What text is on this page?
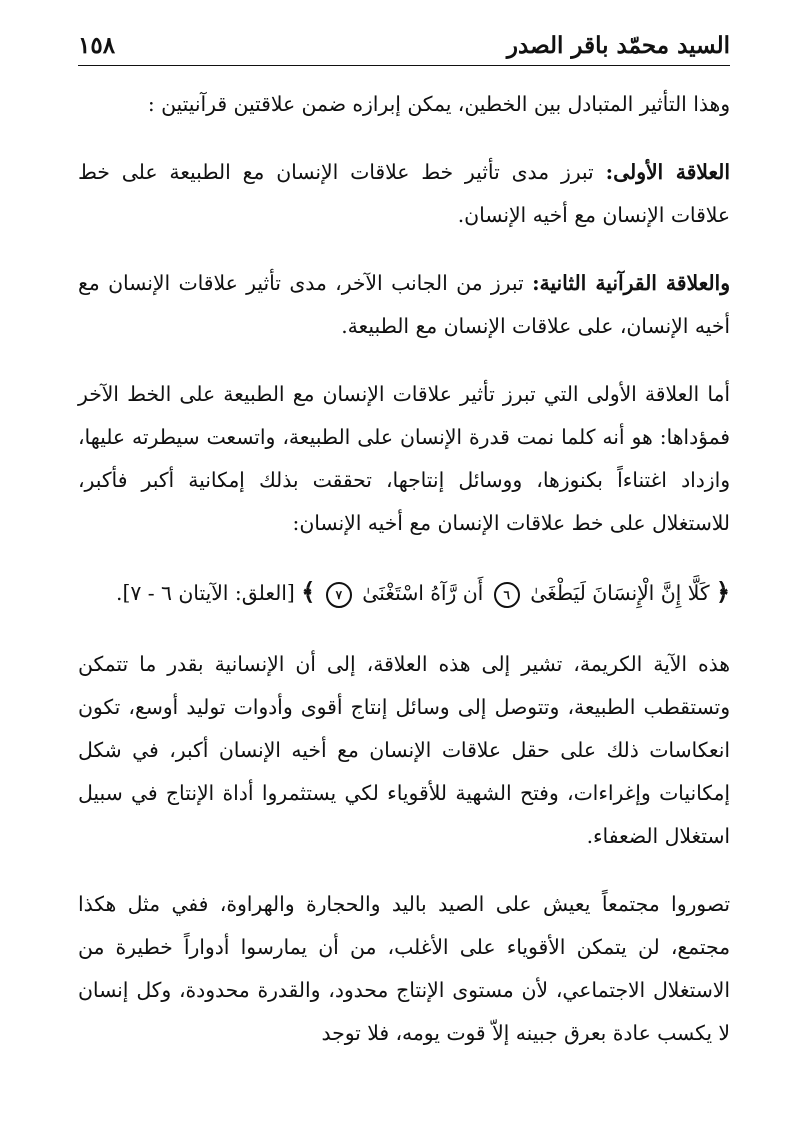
السيد محمّد باقر الصدر
١٥٨

وهذا التأثير المتبادل بين الخطين، يمكن إبرازه ضمن علاقتين قرآنيتين :

العلاقة الأولى: تبرز مدى تأثير خط علاقات الإنسان مع الطبيعة على خط علاقات الإنسان مع أخيه الإنسان.

والعلاقة القرآنية الثانية: تبرز من الجانب الآخر، مدى تأثير علاقات الإنسان مع أخيه الإنسان، على علاقات الإنسان مع الطبيعة.

أما العلاقة الأولى التي تبرز تأثير علاقات الإنسان مع الطبيعة على الخط الآخر فمؤداها: هو أنه كلما نمت قدرة الإنسان على الطبيعة، واتسعت سيطرته عليها، وازداد اغتناءاً بكنوزها، ووسائل إنتاجها، تحققت بذلك إمكانية أكبر فأكبر، للاستغلال على خط علاقات الإنسان مع أخيه الإنسان:

﴿ كَلَّا إِنَّ الْإِنسَانَ لَيَطْغَىٰ ٦ أَن رَّآهُ اسْتَغْنَىٰ ٧ ﴾ [العلق: الآيتان ٦ - ٧].

هذه الآية الكريمة، تشير إلى هذه العلاقة، إلى أن الإنسانية بقدر ما تتمكن وتستقطب الطبيعة، وتتوصل إلى وسائل إنتاج أقوى وأدوات توليد أوسع، تكون انعكاسات ذلك على حقل علاقات الإنسان مع أخيه الإنسان أكبر، في شكل إمكانيات وإغراءات، وفتح الشهية للأقوياء لكي يستثمروا أداة الإنتاج في سبيل استغلال الضعفاء.

تصوروا مجتمعاً يعيش على الصيد باليد والحجارة والهراوة، ففي مثل هكذا مجتمع، لن يتمكن الأقوياء على الأغلب، من أن يمارسوا أدواراً خطيرة من الاستغلال الاجتماعي، لأن مستوى الإنتاج محدود، والقدرة محدودة، وكل إنسان لا يكسب عادة بعرق جبينه إلاّ قوت يومه، فلا توجد
